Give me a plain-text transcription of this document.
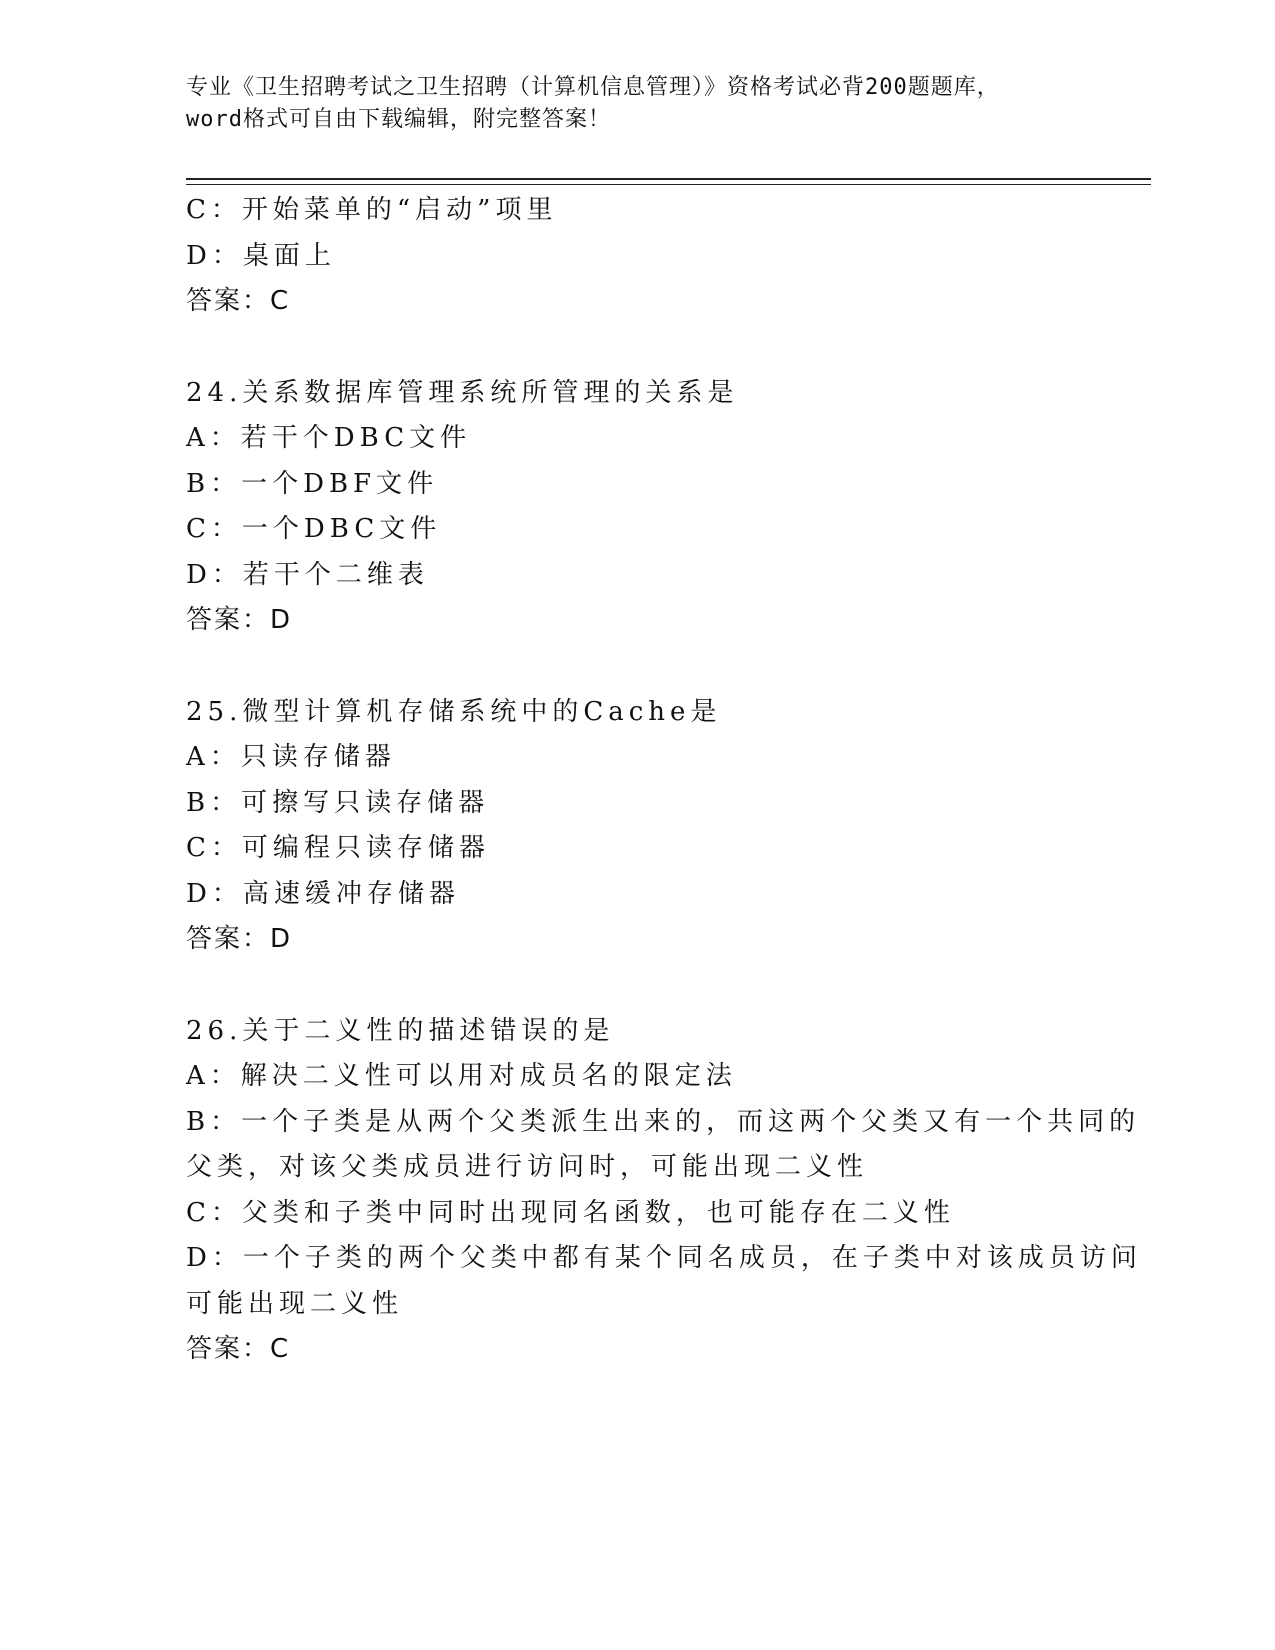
专业《卫生招聘考试之卫生招聘（计算机信息管理）》资格考试必背200题题库，
word格式可自由下载编辑，附完整答案！
C：开始菜单的“启动”项里
D：桌面上
答案：C
24.关系数据库管理系统所管理的关系是
A：若干个DBC文件
B：一个DBF文件
C：一个DBC文件
D：若干个二维表
答案：D
25.微型计算机存储系统中的Cache是
A：只读存储器
B：可擦写只读存储器
C：可编程只读存储器
D：高速缓冲存储器
答案：D
26.关于二义性的描述错误的是
A：解决二义性可以用对成员名的限定法
B：一个子类是从两个父类派生出来的，而这两个父类又有一个共同的
父类，对该父类成员进行访问时，可能出现二义性
C：父类和子类中同时出现同名函数，也可能存在二义性
D：一个子类的两个父类中都有某个同名成员，在子类中对该成员访问
可能出现二义性
答案：C
